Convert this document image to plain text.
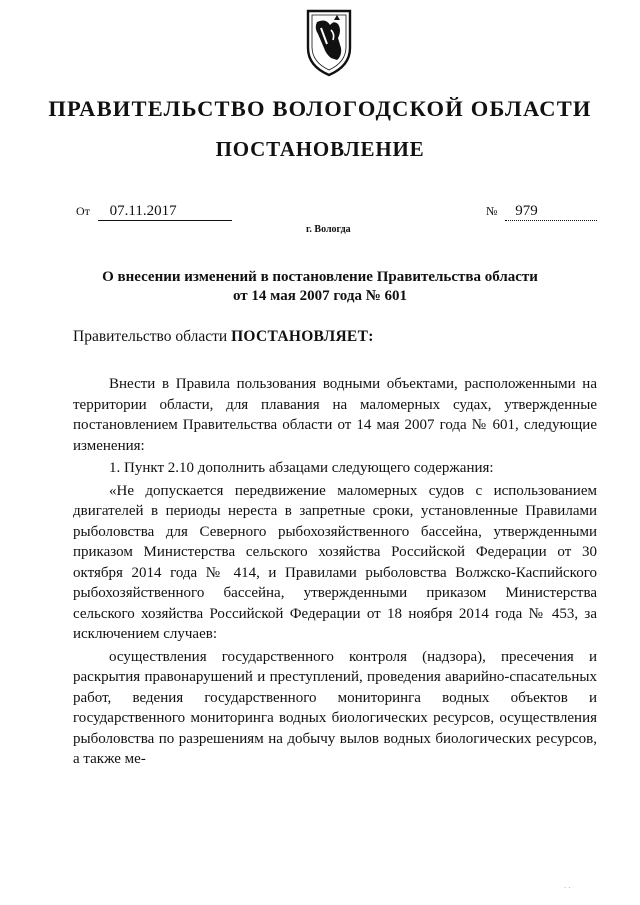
ПРАВИТЕЛЬСТВО ВОЛОГОДСКОЙ ОБЛАСТИ
ПОСТАНОВЛЕНИЕ
От 07.11.2017	№ 979
г. Вологда
О внесении изменений в постановление Правительства области
от 14 мая 2007 года № 601
Правительство области ПОСТАНОВЛЯЕТ:

Внести в Правила пользования водными объектами, расположенными на территории области, для плавания на маломерных судах, утвержденные постановлением Правительства области от 14 мая 2007 года № 601, следующие изменения:

1. Пункт 2.10 дополнить абзацами следующего содержания:

«Не допускается передвижение маломерных судов с использованием двигателей в периоды нереста в запретные сроки, установленные Правилами рыболовства для Северного рыбохозяйственного бассейна, утвержденными приказом Министерства сельского хозяйства Российской Федерации от 30 октября 2014 года № 414, и Правилами рыболовства Волжско-Каспийского рыбохозяйственного бассейна, утвержденными приказом Министерства сельского хозяйства Российской Федерации от 18 ноября 2014 года № 453, за исключением случаев:

осуществления государственного контроля (надзора), пресечения и раскрытия правонарушений и преступлений, проведения аварийно-спасательных работ, ведения государственного мониторинга водных объектов и государственного мониторинга водных биологических ресурсов, осуществления рыболовства по разрешениям на добычу вылов водных биологических ресурсов, а также ме-

· ·
